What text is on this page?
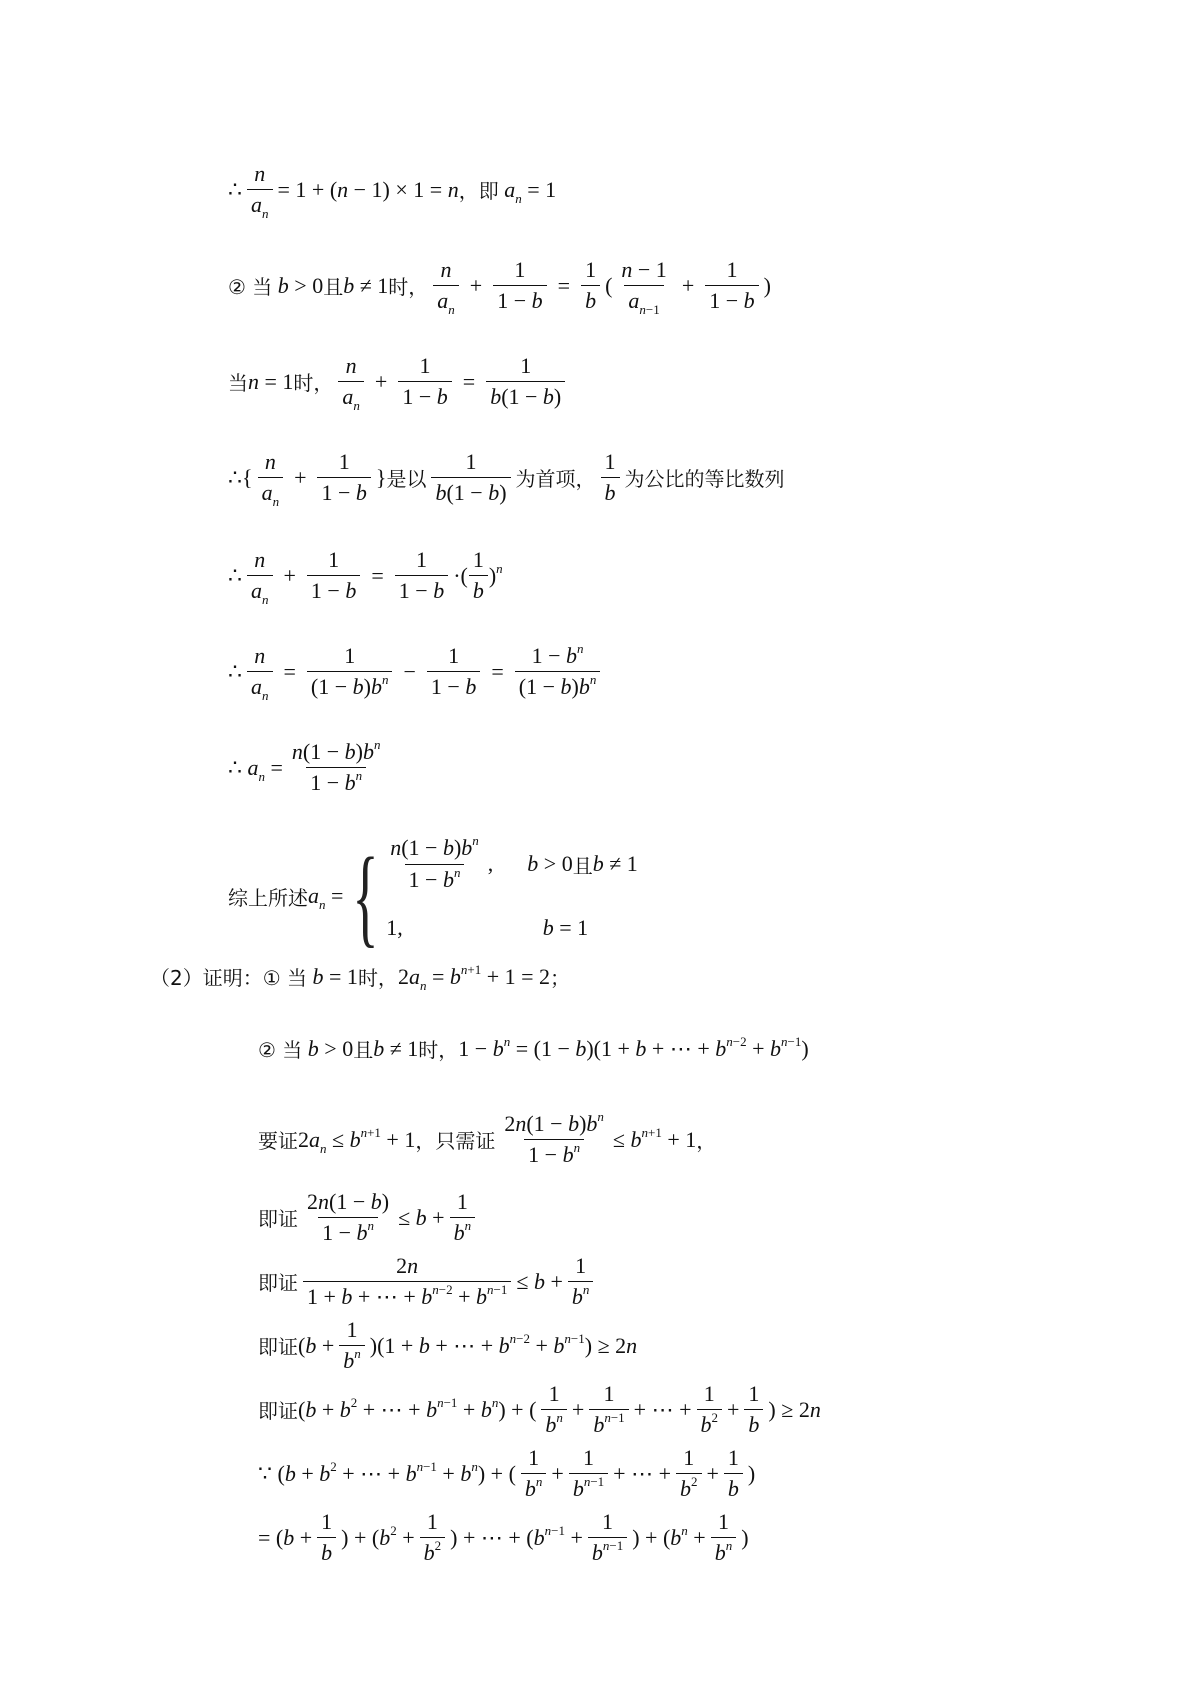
∴ $\frac{n}{a_n} = 1 + (n - 1) \times 1 = n$ ，即 $a_n = 1$
② 当 b > 0 且 b ≠ 1 时， $\frac{n}{a_n} + \frac{1}{1 - b} = \frac{1}{b}$ ( $\frac{n - 1}{a_{n-1}} + \frac{1}{1 - b}$ )
当 n = 1 时， $\frac{n}{a_n} + \frac{1}{1 - b} = \frac{1}{b(1 - b)}$
∴ { $\frac{n}{a_n} + \frac{1}{1 - b}$ } 是以 $\frac{1}{b(1 - b)}$ 为首项， $\frac{1}{b}$ 为公比的等比数列
∴ $\frac{n}{a_n} + \frac{1}{1 - b} = \frac{1}{1 - b}$ ·( $\frac{1}{b} )^n$
∴ $\frac{n}{a_n} = \frac{1}{(1 - b)b^n} - \frac{1}{1 - b} = \frac{1 - b^n}{(1 - b)b^n}$
∴ $a_n = \frac{n(1 - b)b^n}{1 - b^n}$
综上所述 $a_n$ = { $\frac{n(1 - b)b^n}{1 - b^n}$ , b > 0 且 b ≠ 1
1,	b = 1
（2）证明：① 当 b = 1 时， $2a_n = b^{n+1} + 1 = 2$ ；
② 当 b > 0 且 b ≠ 1 时， $1 - b^n = (1 - b)(1 + b$ + ⋯ + $b^{n-2} + b^{n-1}$)
要证 $2a_n \le b^{n+1} + 1$ ，只需证 $\frac{2n(1 - b)b^n}{1 - b^n} \le b^{n+1} + 1$ ，
即证 $\frac{2n(1 - b)}{1 - b^n} \le b + \frac{1}{b^n}$
即证 $\frac{2n}{1 + b + \cdots + b^{n-2} + b^{n-1}} \le b + \frac{1}{b^n}$
即证 $(b + \frac{1}{b^n} )(1 + b$ + ⋯ + $b^{n-2} + b^{n-1}) \ge 2n$
即证 ($b + b^2$ + ⋯ + $b^{n-1} + b^n$) + ( $\frac{1}{b^n} + \frac{1}{b^{n-1}}$ + ⋯ + $\frac{1}{b^2} + \frac{1}{b}$ ) ≥ 2n
∵ ($b + b^2$ + ⋯ + $b^{n-1} + b^n$) + ( $\frac{1}{b^n} + \frac{1}{b^{n-1}}$ + ⋯ + $\frac{1}{b^2} + \frac{1}{b}$ )
= ($b + \frac{1}{b}$ ) + ($b^2 + \frac{1}{b^2}$ ) + ⋯ + ($b^{n-1} + \frac{1}{b^{n-1}}$ ) + ($b^n + \frac{1}{b^n}$ )
